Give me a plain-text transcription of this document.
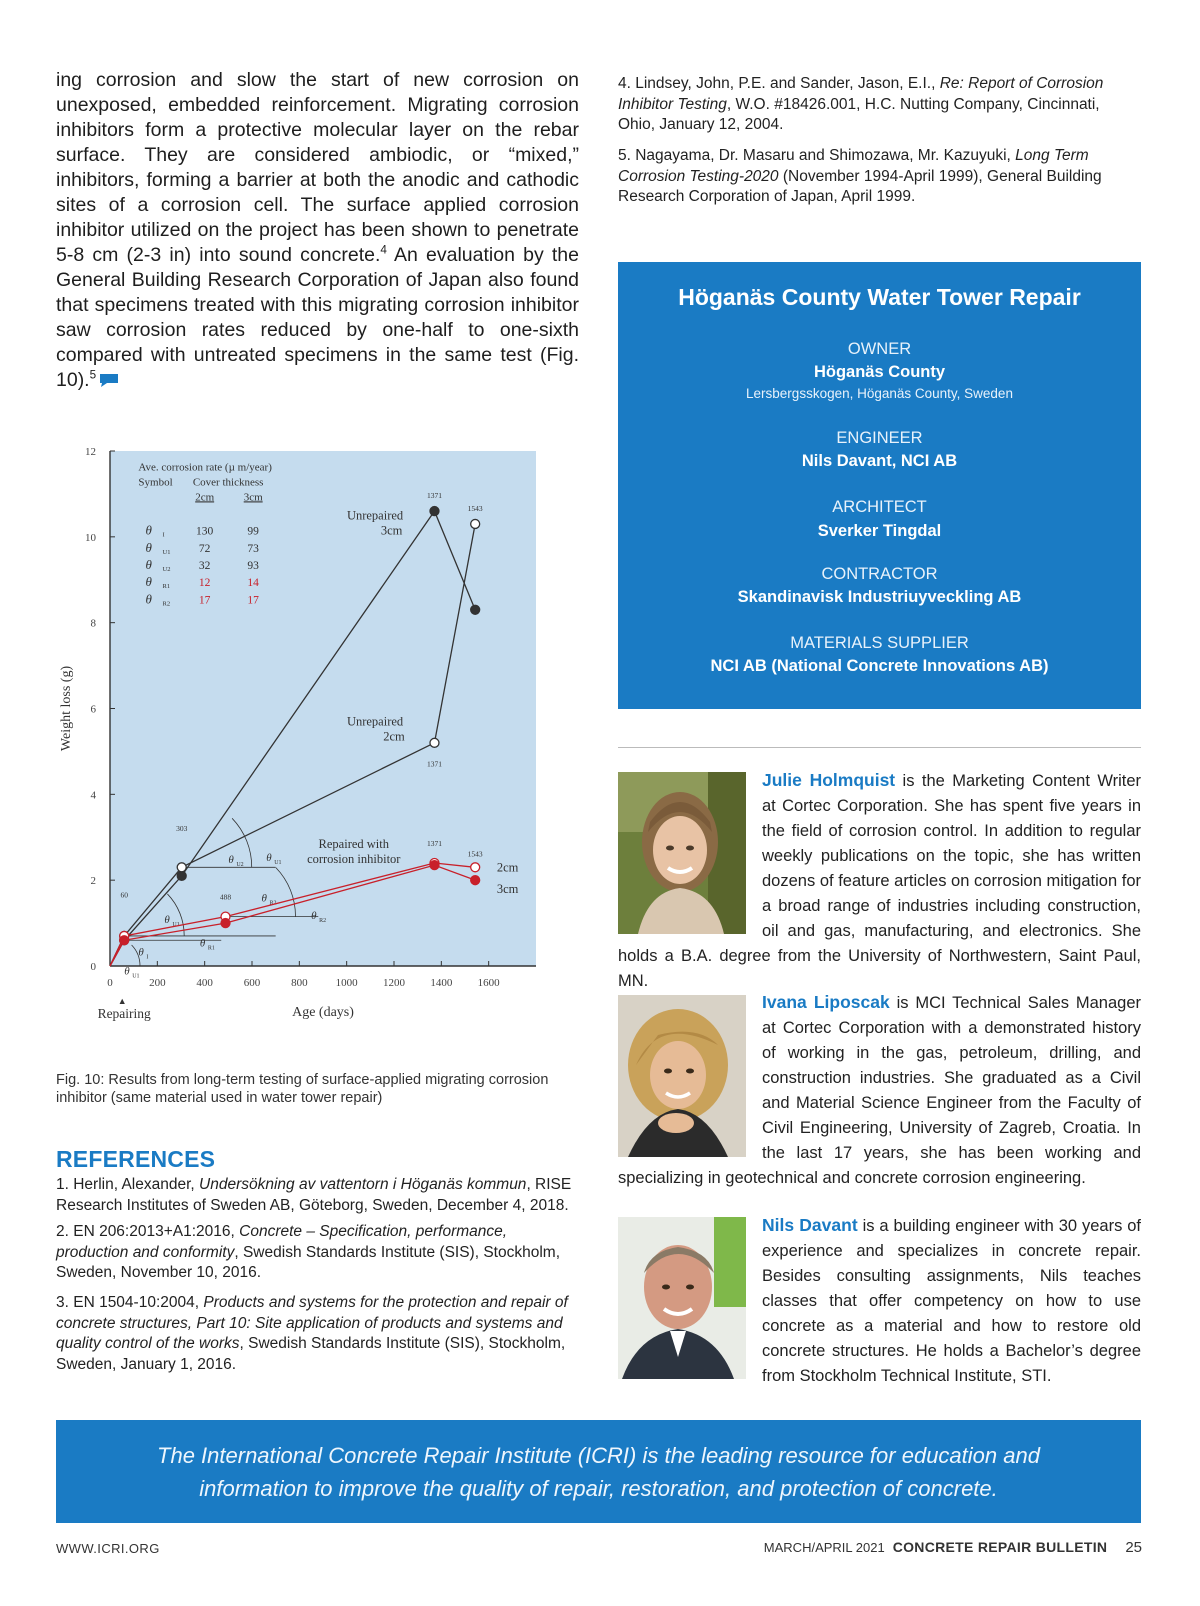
ing corrosion and slow the start of new corrosion on unexposed, embedded reinforcement. Migrating corrosion inhibitors form a protective molecular layer on the rebar surface. They are considered ambiodic, or “mixed,” inhibitors, forming a barrier at both the anodic and cathodic sites of a corrosion cell. The surface applied corrosion inhibitor utilized on the project has been shown to penetrate 5-8 cm (2-3 in) into sound concrete.$^4$ An evaluation by the General Building Research Corporation of Japan also found that specimens treated with this migrating corrosion inhibitor saw corrosion rates reduced by one-half to one-sixth compared with untreated specimens in the same test (Fig. 10).$^5$
0
2
4
6
8
10
12
0	200	400	600	800	1000 1200 1400 1600
Weight loss (g)
Age (days)
▲
Repairing
Ave. corrosion rate (µ m/year)
Symbol Cover thickness
2cm	3cm
θ I	130	99
θ U1 72	73
θ U2 32	93
θ R1	12	14
θ R2	17	17
θ U2
θ U1
θ R2
θ R2
θ U1
θ R1
θ I
θ U1
Unrepaired
3cm
Unrepaired
2cm
Repaired with
corrosion inhibitor
2cm
3cm
1371
1543
1371
1371
1543
303
488
60
Fig. 10: Results from long-term testing of surface-applied migrating corrosion inhibitor (same material used in water tower repair)
REFERENCES
1. Herlin, Alexander, Undersökning av vattentorn i Höganäs kommun, RISE Research Institutes of Sweden AB, Göteborg, Sweden, December 4, 2018.
2. EN 206:2013+A1:2016, Concrete – Specification, performance, production and conformity, Swedish Standards Institute (SIS), Stockholm, Sweden, November 10, 2016.
3. EN 1504-10:2004, Products and systems for the protection and repair of concrete structures, Part 10: Site application of products and systems and quality control of the works, Swedish Standards Institute (SIS), Stockholm, Sweden, January 1, 2016.
4. Lindsey, John, P.E. and Sander, Jason, E.I., Re: Report of Corrosion Inhibitor Testing, W.O. #18426.001, H.C. Nutting Company, Cincinnati, Ohio, January 12, 2004.
5. Nagayama, Dr. Masaru and Shimozawa, Mr. Kazuyuki, Long Term Corrosion Testing-2020 (November 1994-April 1999), General Building Research Corporation of Japan, April 1999.
Höganäs County Water Tower Repair
OWNER
Höganäs County
Lersbergsskogen, Höganäs County, Sweden
ENGINEER
Nils Davant, NCI AB
ARCHITECT
Sverker Tingdal
CONTRACTOR
Skandinavisk Industriuyveckling AB
MATERIALS SUPPLIER
NCI AB (National Concrete Innovations AB)
Julie Holmquist is the Marketing Content Writer at Cortec Corporation. She has spent five years in the field of corrosion control. In addition to regular weekly publications on the topic, she has written dozens of feature articles on corrosion mitigation for a broad range of industries including construction, oil and gas, manufacturing, and electronics. She holds a B.A. degree from the University of Northwestern, Saint Paul, MN.
Ivana Liposcak is MCI Technical Sales Manager at Cortec Corporation with a demonstrated history of working in the gas, petroleum, drilling, and construction industries. She graduated as a Civil and Material Science Engineer from the Faculty of Civil Engineering, University of Zagreb, Croatia. In the last 17 years, she has been working and specializing in geotechnical and concrete corrosion engineering.
Nils Davant is a building engineer with 30 years of experience and specializes in concrete repair. Besides consulting assignments, Nils teaches classes that offer competency on how to use concrete as a material and how to restore old concrete structures. He holds a Bachelor’s degree from Stockholm Technical Institute, STI.
The International Concrete Repair Institute (ICRI) is the leading resource for education and information to improve the quality of repair, restoration, and protection of concrete.
WWW.ICRI.ORG	MARCH/APRIL 2021 CONCRETE REPAIR BULLETIN 25
